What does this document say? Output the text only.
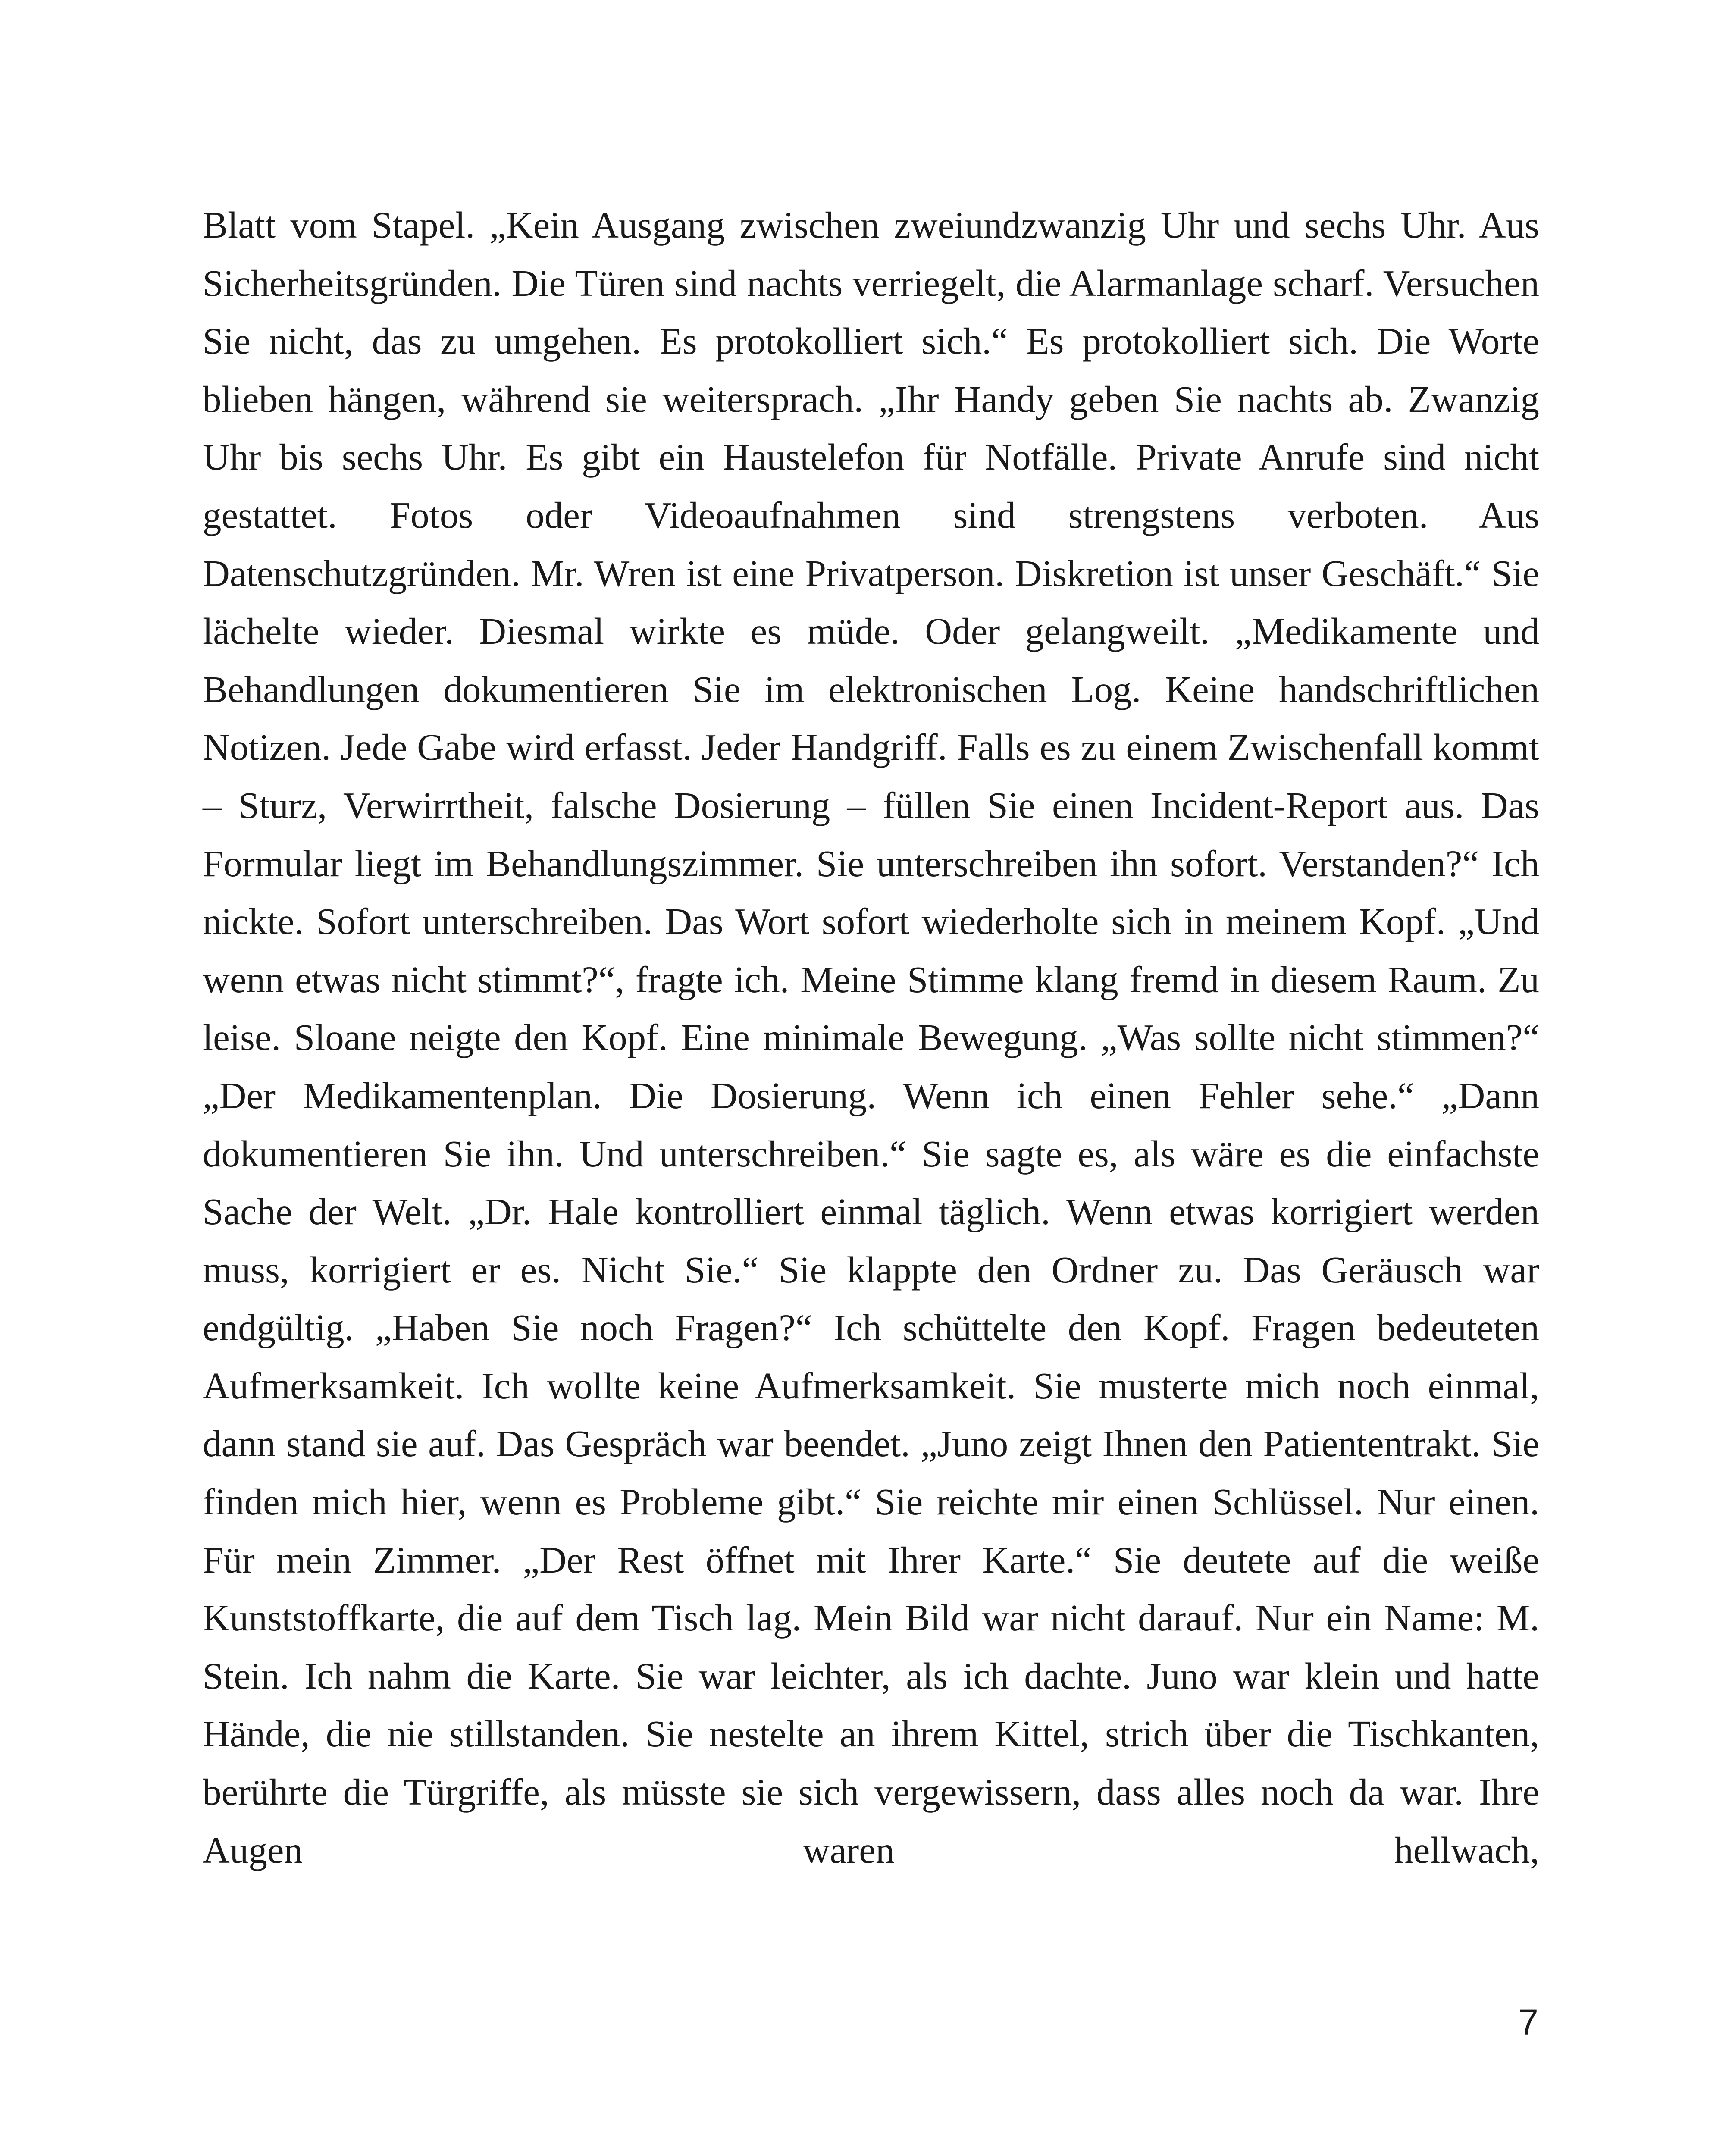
Blatt vom Stapel. „Kein Ausgang zwischen zweiundzwanzig Uhr und sechs Uhr. Aus Sicherheitsgründen. Die Türen sind nachts verriegelt, die Alarmanlage scharf. Versuchen Sie nicht, das zu umgehen. Es protokolliert sich.“ Es protokolliert sich. Die Worte blieben hängen, während sie weitersprach. „Ihr Handy geben Sie nachts ab. Zwanzig Uhr bis sechs Uhr. Es gibt ein Haustelefon für Notfälle. Private Anrufe sind nicht gestattet. Fotos oder Videoaufnahmen sind strengstens verboten. Aus Datenschutzgründen. Mr. Wren ist eine Privatperson. Diskretion ist unser Geschäft.“ Sie lächelte wieder. Diesmal wirkte es müde. Oder gelangweilt. „Medikamente und Behandlungen dokumentieren Sie im elektronischen Log. Keine handschriftlichen Notizen. Jede Gabe wird erfasst. Jeder Handgriff. Falls es zu einem Zwischenfall kommt – Sturz, Verwirrtheit, falsche Dosierung – füllen Sie einen Incident-Report aus. Das Formular liegt im Behandlungszimmer. Sie unterschreiben ihn sofort. Verstanden?“ Ich nickte. Sofort unterschreiben. Das Wort sofort wiederholte sich in meinem Kopf. „Und wenn etwas nicht stimmt?“, fragte ich. Meine Stimme klang fremd in diesem Raum. Zu leise. Sloane neigte den Kopf. Eine minimale Bewegung. „Was sollte nicht stimmen?“ „Der Medikamentenplan. Die Dosierung. Wenn ich einen Fehler sehe.“ „Dann dokumentieren Sie ihn. Und unterschreiben.“ Sie sagte es, als wäre es die einfachste Sache der Welt. „Dr. Hale kontrolliert einmal täglich. Wenn etwas korrigiert werden muss, korrigiert er es. Nicht Sie.“ Sie klappte den Ordner zu. Das Geräusch war endgültig. „Haben Sie noch Fragen?“ Ich schüttelte den Kopf. Fragen bedeuteten Aufmerksamkeit. Ich wollte keine Aufmerksamkeit. Sie musterte mich noch einmal, dann stand sie auf. Das Gespräch war beendet. „Juno zeigt Ihnen den Patiententrakt. Sie finden mich hier, wenn es Probleme gibt.“ Sie reichte mir einen Schlüssel. Nur einen. Für mein Zimmer. „Der Rest öffnet mit Ihrer Karte.“ Sie deutete auf die weiße Kunststoffkarte, die auf dem Tisch lag. Mein Bild war nicht darauf. Nur ein Name: M. Stein. Ich nahm die Karte. Sie war leichter, als ich dachte. Juno war klein und hatte Hände, die nie stillstanden. Sie nestelte an ihrem Kittel, strich über die Tischkanten, berührte die Türgriffe, als müsste sie sich vergewissern, dass alles noch da war. Ihre Augen waren hellwach,

7
